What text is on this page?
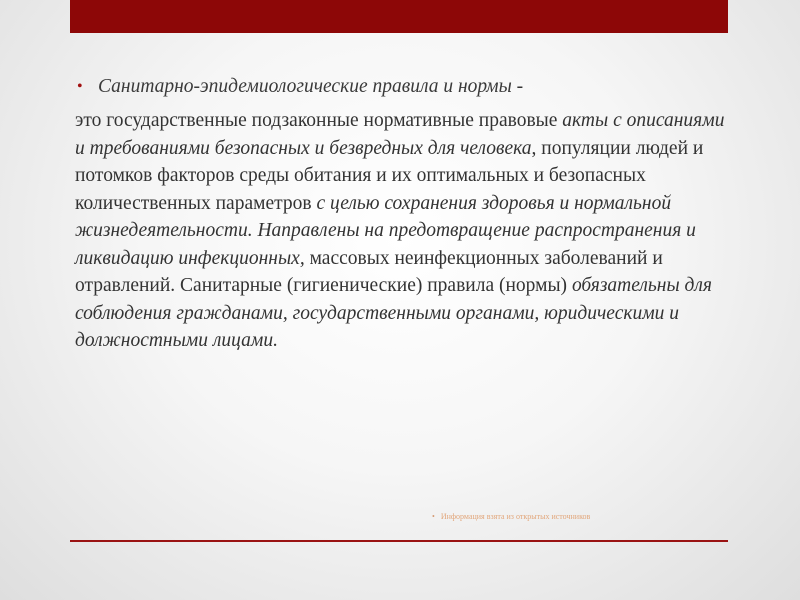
• Санитарно-эпидемиологические правила и нормы -
это государственные подзаконные нормативные правовые акты с описаниями и требованиями безопасных и безвредных для человека, популяции людей и потомков факторов среды обитания и их оптимальных и безопасных количественных параметров с целью сохранения здоровья и нормальной жизнедеятельности. Направлены на предотвращение распространения и ликвидацию инфекционных, массовых неинфекционных заболеваний и отравлений. Санитарные (гигиенические) правила (нормы) обязательны для соблюдения гражданами, государственными органами, юридическими и должностными лицами.
• Информация взята из открытых источников
